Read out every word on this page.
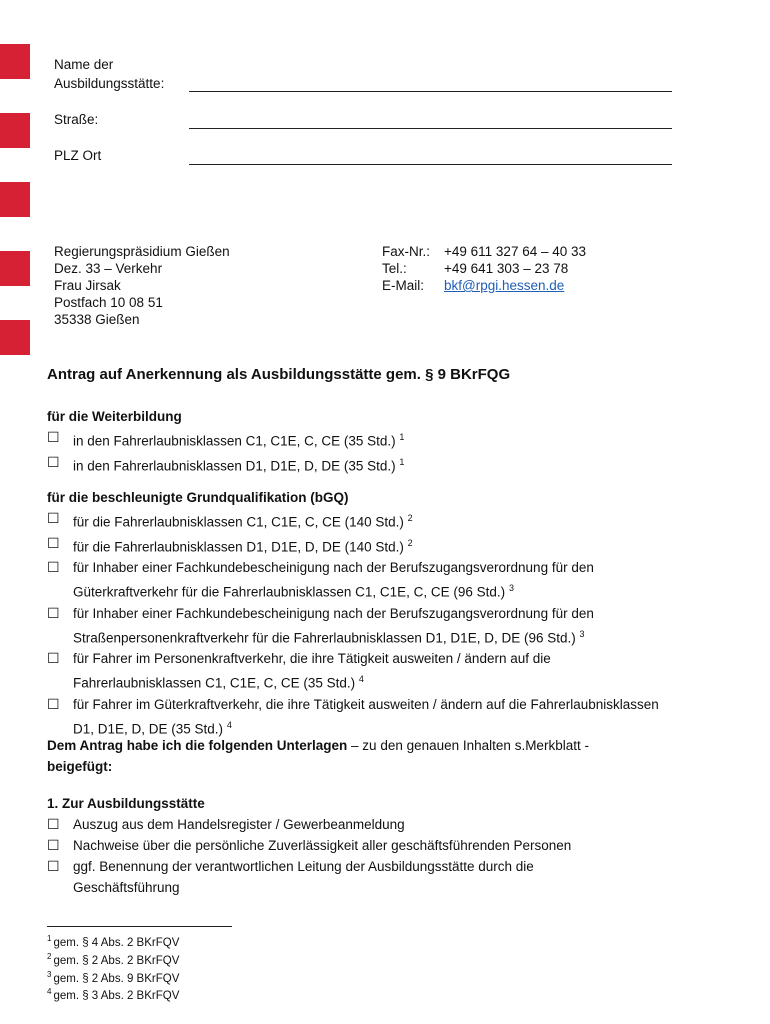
Name der
Ausbildungsstätte:
Straße:
PLZ Ort
Regierungspräsidium Gießen
Dez. 33 – Verkehr
Frau Jirsak
Postfach 10 08 51
35338 Gießen
Fax-Nr.:	+49 611 327 64 – 40 33
Tel.:	+49 641 303 – 23 78
E-Mail:	bkf@rpgi.hessen.de
Antrag auf Anerkennung als Ausbildungsstätte gem. § 9 BKrFQG
für die Weiterbildung
☐ in den Fahrerlaubnisklassen C1, C1E, C, CE (35 Std.) $^1$
☐ in den Fahrerlaubnisklassen D1, D1E, D, DE (35 Std.) $^1$
für die beschleunigte Grundqualifikation (bGQ)
☐ für die Fahrerlaubnisklassen C1, C1E, C, CE (140 Std.) $^2$
☐ für die Fahrerlaubnisklassen D1, D1E, D, DE (140 Std.) $^2$
☐ für Inhaber einer Fachkundebescheinigung nach der Berufszugangsverordnung für den Güterkraftverkehr für die Fahrerlaubnisklassen C1, C1E, C, CE (96 Std.) $^3$
☐ für Inhaber einer Fachkundebescheinigung nach der Berufszugangsverordnung für den Straßenpersonenkraftverkehr für die Fahrerlaubnisklassen D1, D1E, D, DE (96 Std.) $^3$
☐ für Fahrer im Personenkraftverkehr, die ihre Tätigkeit ausweiten / ändern auf die Fahrerlaubnisklassen C1, C1E, C, CE (35 Std.) $^4$
☐ für Fahrer im Güterkraftverkehr, die ihre Tätigkeit ausweiten / ändern auf die Fahrerlaubnisklassen D1, D1E, D, DE (35 Std.) $^4$
Dem Antrag habe ich die folgenden Unterlagen – zu den genauen Inhalten s.Merkblatt -
beigefügt:
1. Zur Ausbildungsstätte
☐ Auszug aus dem Handelsregister / Gewerbeanmeldung
☐ Nachweise über die persönliche Zuverlässigkeit aller geschäftsführenden Personen
☐ ggf. Benennung der verantwortlichen Leitung der Ausbildungsstätte durch die Geschäftsführung
$^1$ gem. § 4 Abs. 2 BKrFQV
$^2$ gem. § 2 Abs. 2 BKrFQV
$^3$ gem. § 2 Abs. 9 BKrFQV
$^4$ gem. § 3 Abs. 2 BKrFQV
